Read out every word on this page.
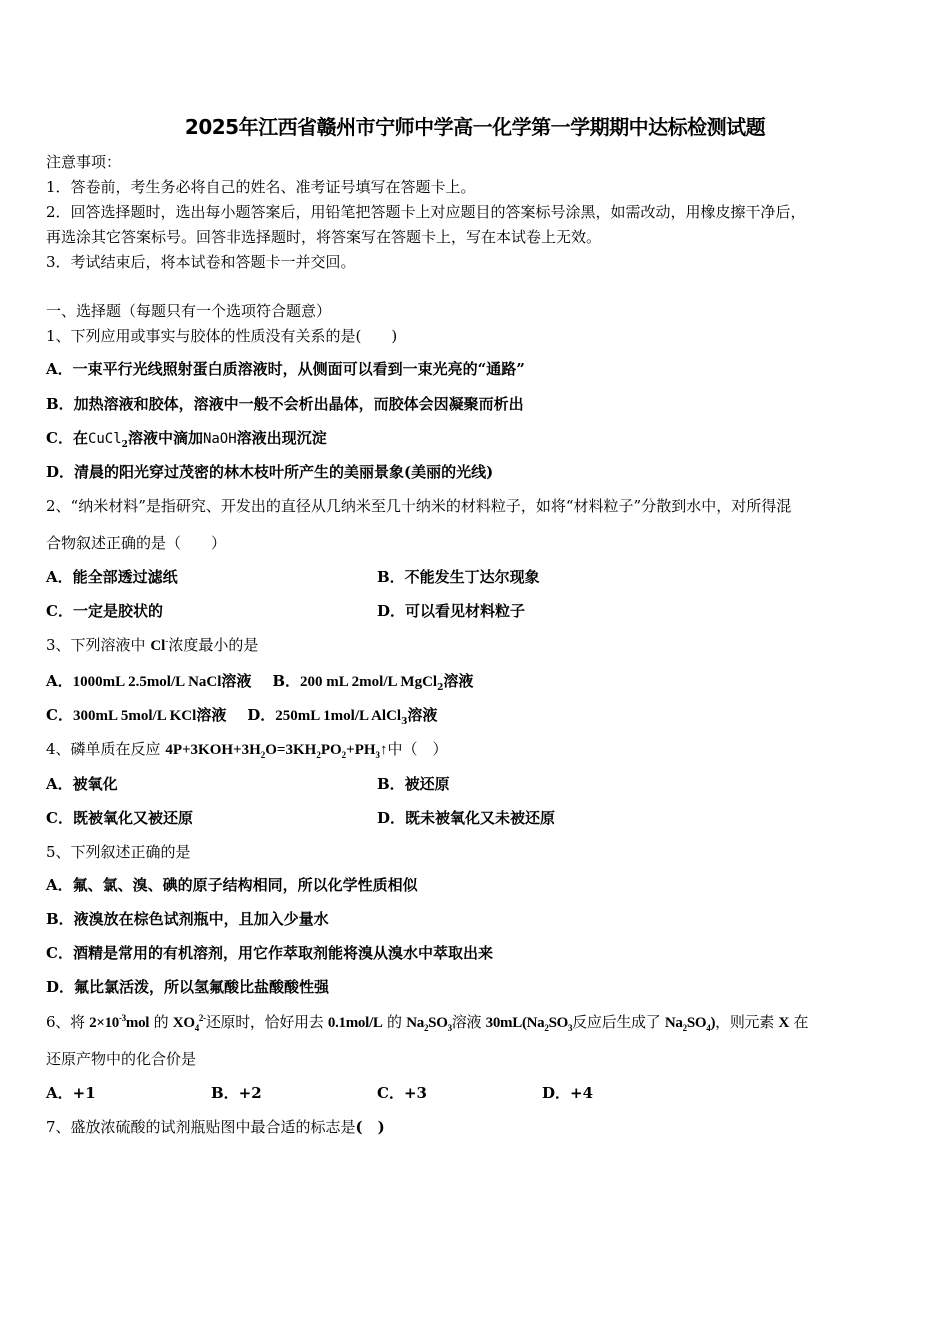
2025年江西省赣州市宁师中学高一化学第一学期期中达标检测试题
注意事项：
1．答卷前，考生务必将自己的姓名、准考证号填写在答题卡上。
2．回答选择题时，选出每小题答案后，用铅笔把答题卡上对应题目的答案标号涂黑，如需改动，用橡皮擦干净后，
再选涂其它答案标号。回答非选择题时，将答案写在答题卡上，写在本试卷上无效。
3．考试结束后，将本试卷和答题卡一并交回。
一、选择题（每题只有一个选项符合题意）
1、下列应用或事实与胶体的性质没有关系的是(　　)
A．一束平行光线照射蛋白质溶液时，从侧面可以看到一束光亮的“通路”
B．加热溶液和胶体，溶液中一般不会析出晶体，而胶体会因凝聚而析出
C．在CuCl$_2$溶液中滴加NaOH溶液出现沉淀
D．清晨的阳光穿过茂密的林木枝叶所产生的美丽景象(美丽的光线)
2、“纳米材料”是指研究、开发出的直径从几纳米至几十纳米的材料粒子，如将“材料粒子”分散到水中，对所得混
合物叙述正确的是（　　）
A．能全部透过滤纸	B．不能发生丁达尔现象
C．一定是胶状的	D．可以看见材料粒子
3、下列溶液中 Cl-浓度最小的是
A．1000mL 2.5mol/L NaCl溶液 B．200 mL 2mol/L MgCl$_2$溶液
C．300mL 5mol/L KCl溶液 D．250mL 1mol/L AlCl$_3$溶液
4、磷单质在反应 $4P+3KOH+3H_2O=3KH_2PO_2+PH_3↑$中（　）
A．被氧化	B．被还原
C．既被氧化又被还原	D．既未被氧化又未被还原
5、下列叙述正确的是
A．氟、氯、溴、碘的原子结构相同，所以化学性质相似
B．液溴放在棕色试剂瓶中，且加入少量水
C．酒精是常用的有机溶剂，用它作萃取剂能将溴从溴水中萃取出来
D．氟比氯活泼，所以氢氟酸比盐酸酸性强
6、将 $2\times 10^{-3}mol$ 的 $XO_4^{2-}$还原时，恰好用去 0.1mol/L 的 $Na_2SO_3$溶液 $30mL(Na_2SO_3$反应后生成了 $Na_2SO_4$)，则元素 X 在
还原产物中的化合价是
A．+1	B．+2	C．+3	D．+4
7、盛放浓硫酸的试剂瓶贴图中最合适的标志是(　)
